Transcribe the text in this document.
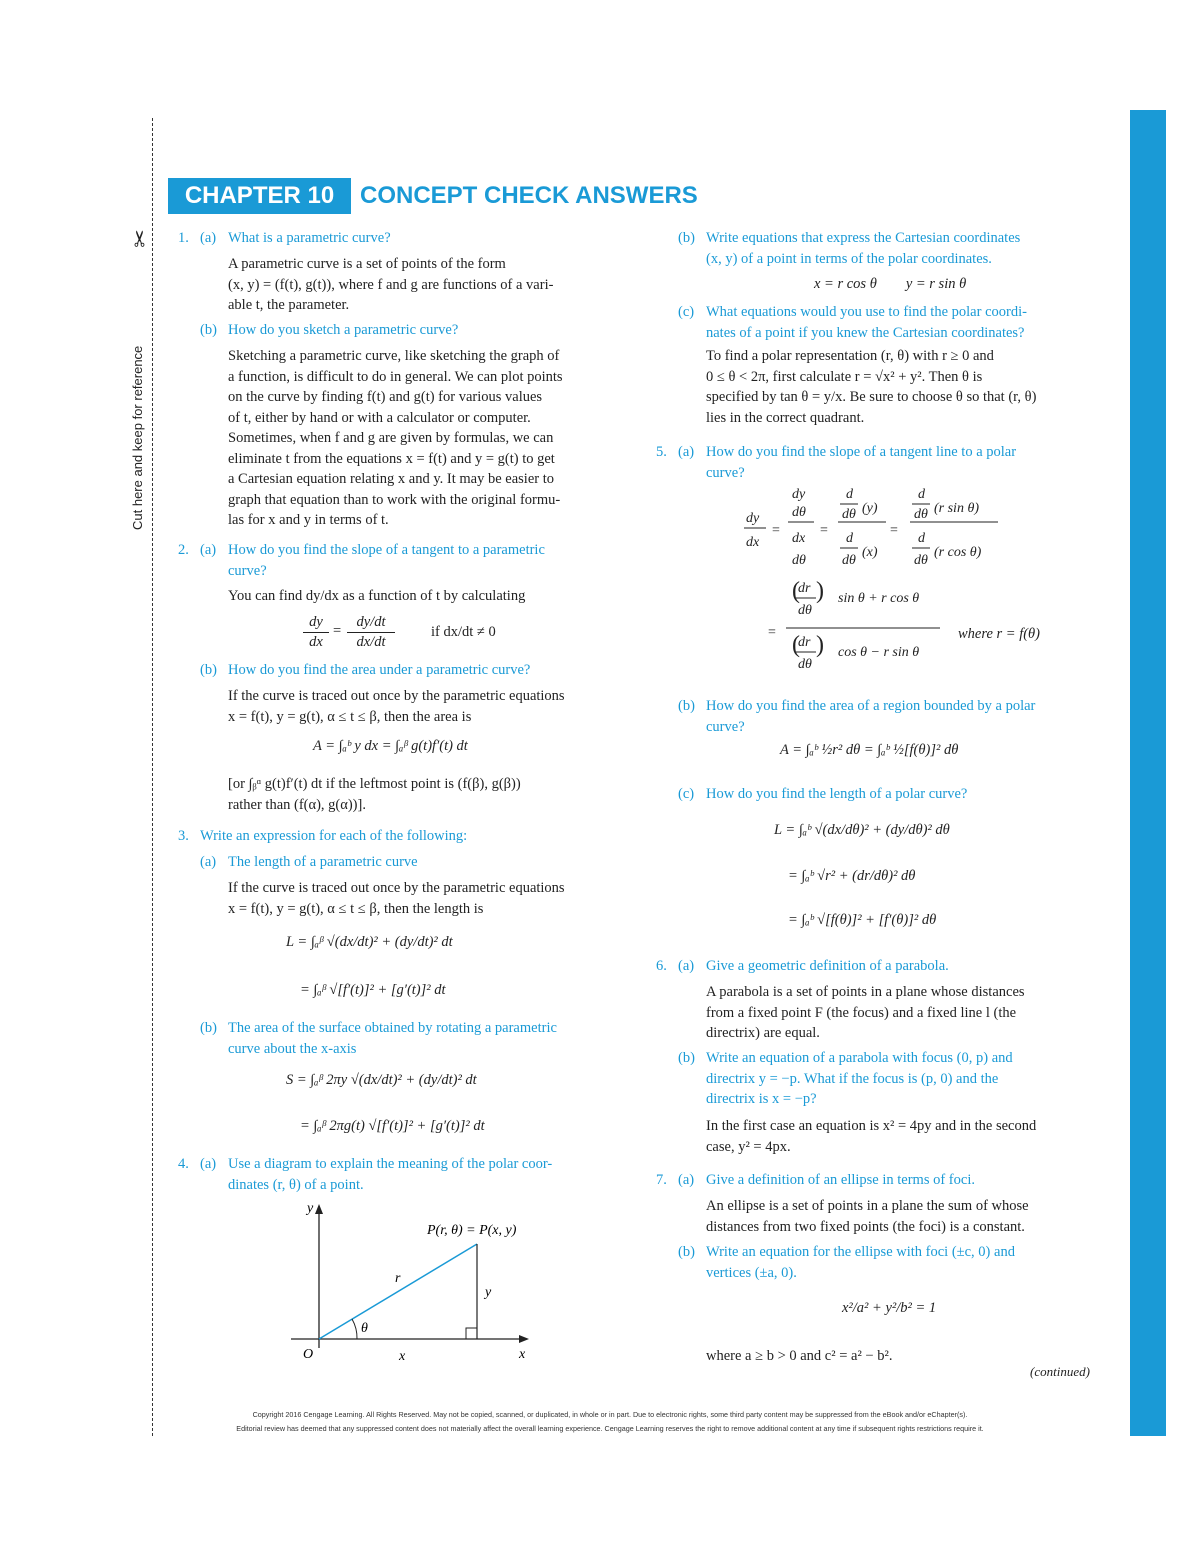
✂
Cut here and keep for reference
CHAPTER 10	CONCEPT CHECK ANSWERS
1. (a) What is a parametric curve?
A parametric curve is a set of points of the form
(x, y) = (f(t), g(t)), where f and g are functions of a vari-
able t, the parameter.
(b) How do you sketch a parametric curve?
Sketching a parametric curve, like sketching the graph of
a function, is difficult to do in general. We can plot points
on the curve by finding f(t) and g(t) for various values
of t, either by hand or with a calculator or computer.
Sometimes, when f and g are given by formulas, we can
eliminate t from the equations x = f(t) and y = g(t) to get
a Cartesian equation relating x and y. It may be easier to
graph that equation than to work with the original formu-
las for x and y in terms of t.
2. (a) How do you find the slope of a tangent to a parametric
curve?
You can find dy/dx as a function of t by calculating
dy
dx
=
dy/dt
dx/dt
if dx/dt ≠ 0
(b) How do you find the area under a parametric curve?
If the curve is traced out once by the parametric equations
x = f(t), y = g(t), α ≤ t ≤ β, then the area is
A = ∫ₐᵇ y dx = ∫ₐᵝ g(t)f′(t) dt
[or ∫ᵦᵅ g(t)f′(t) dt if the leftmost point is (f(β), g(β))
rather than (f(α), g(α))].
3. Write an expression for each of the following:
(a) The length of a parametric curve
If the curve is traced out once by the parametric equations
x = f(t), y = g(t), α ≤ t ≤ β, then the length is
L = ∫ₐᵝ √(dx/dt)² + (dy/dt)² dt
= ∫ₐᵝ √[f′(t)]² + [g′(t)]² dt
(b) The area of the surface obtained by rotating a parametric
curve about the x-axis
S = ∫ₐᵝ 2πy √(dx/dt)² + (dy/dt)² dt
= ∫ₐᵝ 2πg(t) √[f′(t)]² + [g′(t)]² dt
4. (a) Use a diagram to explain the meaning of the polar coor-
dinates (r, θ) of a point.
y
x
O
r
θ
x
y
P(r, θ) = P(x, y)
(b) Write equations that express the Cartesian coordinates
(x, y) of a point in terms of the polar coordinates.
x = r cos θ        y = r sin θ
(c) What equations would you use to find the polar coordi-
nates of a point if you knew the Cartesian coordinates?
To find a polar representation (r, θ) with r ≥ 0 and
0 ≤ θ < 2π, first calculate r = √x² + y². Then θ is
specified by tan θ = y/x. Be sure to choose θ so that (r, θ)
lies in the correct quadrant.
5. (a) How do you find the slope of a tangent line to a polar
curve?
dy
dx
=
dy
dθ
dx
dθ
=
d
dθ (y)
d
dθ
(x)
=
d
dθ (r sin θ)
d
dθ
(r cos θ)
=
(
dr
dθ
) sin θ + r cos θ
(
dr
dθ
) cos θ − r sin θ
where r = f(θ)
(b) How do you find the area of a region bounded by a polar
curve?
A = ∫ₐᵇ ½r² dθ = ∫ₐᵇ ½[f(θ)]² dθ
(c) How do you find the length of a polar curve?
L = ∫ₐᵇ √(dx/dθ)² + (dy/dθ)² dθ
= ∫ₐᵇ √r² + (dr/dθ)² dθ
= ∫ₐᵇ √[f(θ)]² + [f′(θ)]² dθ
6. (a) Give a geometric definition of a parabola.
A parabola is a set of points in a plane whose distances
from a fixed point F (the focus) and a fixed line l (the
directrix) are equal.
(b) Write an equation of a parabola with focus (0, p) and
directrix y = −p. What if the focus is (p, 0) and the
directrix is x = −p?
In the first case an equation is x² = 4py and in the second
case, y² = 4px.
7. (a) Give a definition of an ellipse in terms of foci.
An ellipse is a set of points in a plane the sum of whose
distances from two fixed points (the foci) is a constant.
(b) Write an equation for the ellipse with foci (±c, 0) and
vertices (±a, 0).
x²/a² + y²/b² = 1
where a ≥ b > 0 and c² = a² − b².
(continued)
Copyright 2016 Cengage Learning. All Rights Reserved. May not be copied, scanned, or duplicated, in whole or in part. Due to electronic rights, some third party content may be suppressed from the eBook and/or eChapter(s).
Editorial review has deemed that any suppressed content does not materially affect the overall learning experience. Cengage Learning reserves the right to remove additional content at any time if subsequent rights restrictions require it.
